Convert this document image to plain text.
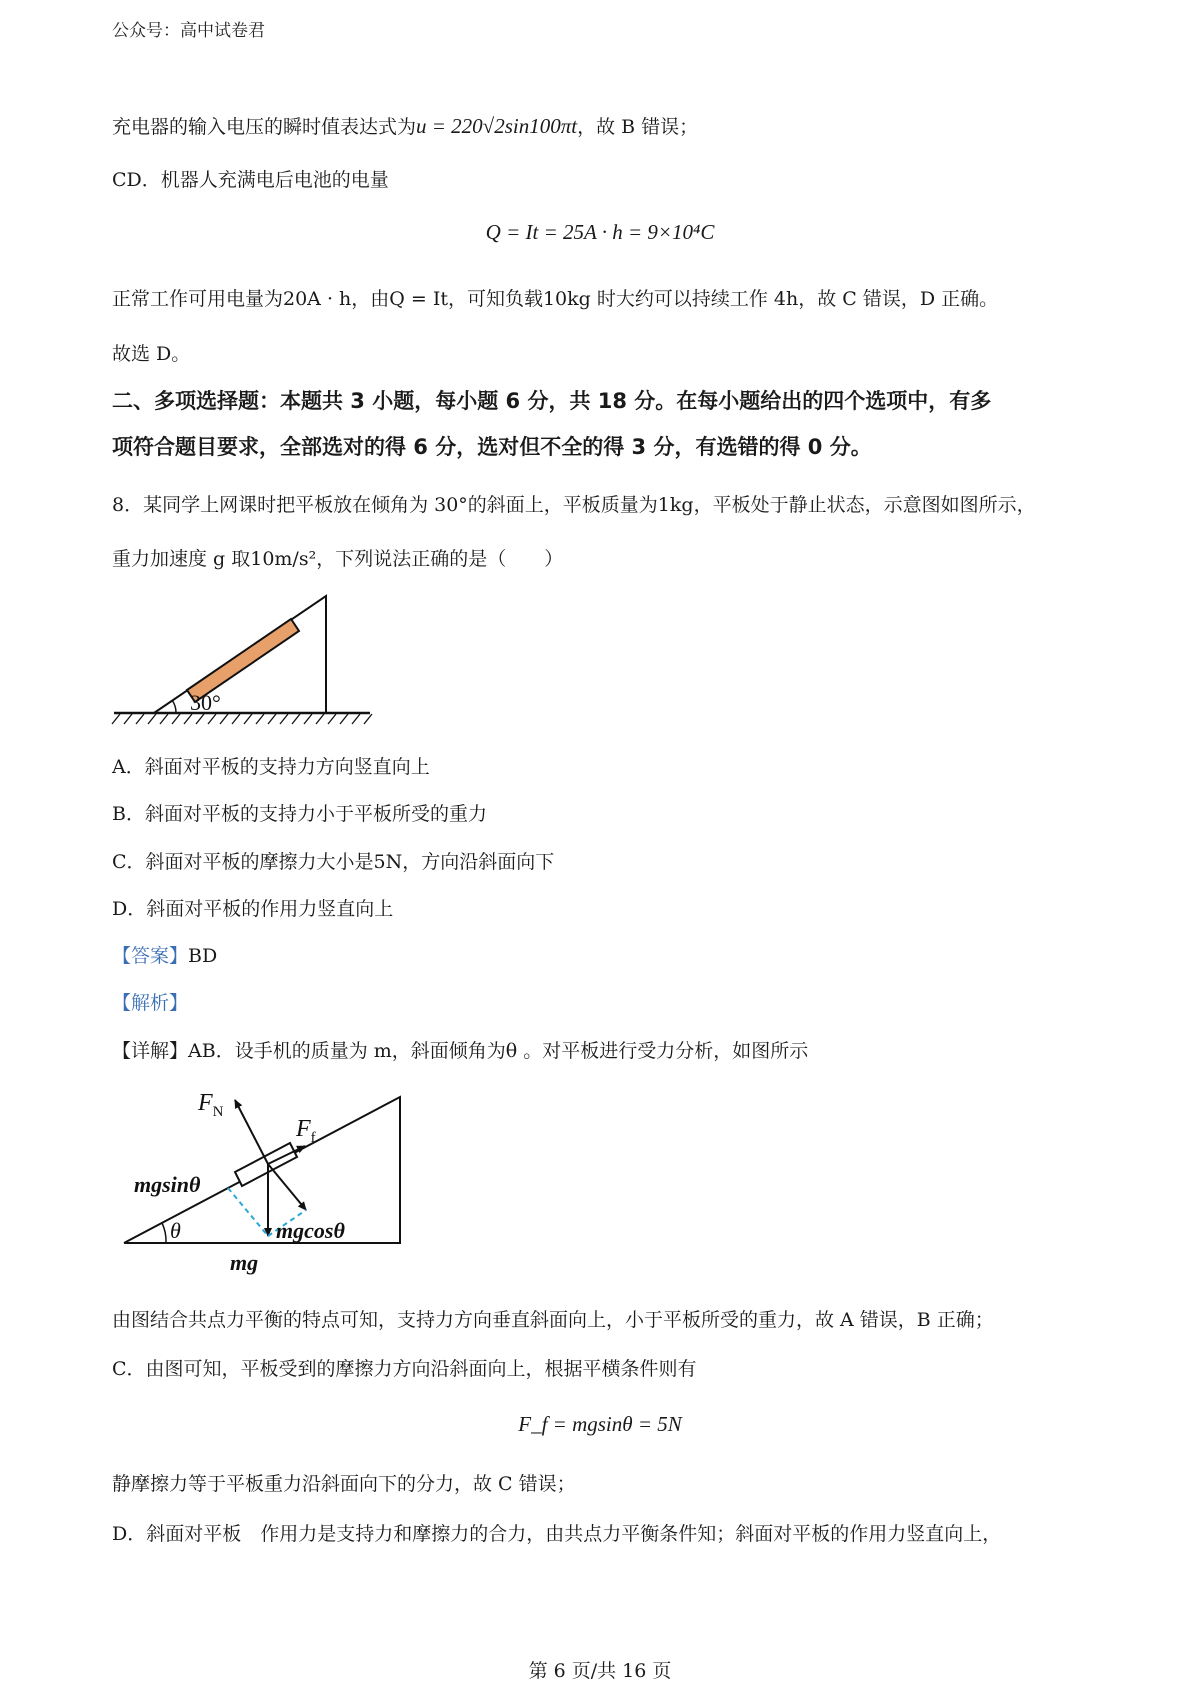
公众号：高中试卷君
充电器的输入电压的瞬时值表达式为u = 220√2sin100πt，故 B 错误；
CD．机器人充满电后电池的电量
Q = It = 25A · h = 9×10⁴C
正常工作可用电量为20A · h，由Q = It，可知负载10kg 时大约可以持续工作 4h，故 C 错误，D 正确。
故选 D。
二、多项选择题：本题共 3 小题，每小题 6 分，共 18 分。在每小题给出的四个选项中，有多
项符合题目要求，全部选对的得 6 分，选对但不全的得 3 分，有选错的得 0 分。
8．某同学上网课时把平板放在倾角为 30°的斜面上，平板质量为1kg，平板处于静止状态，示意图如图所示，
重力加速度 g 取10m/s²，下列说法正确的是（　　）
30°
A．斜面对平板的支持力方向竖直向上
B．斜面对平板的支持力小于平板所受的重力
C．斜面对平板的摩擦力大小是5N，方向沿斜面向下
D．斜面对平板的作用力竖直向上
【答案】BD
【解析】
【详解】AB．设手机的质量为 m，斜面倾角为θ 。对平板进行受力分析，如图所示
$F_N$
$F_f$
mgsinθ
mgcosθ
θ
mg
由图结合共点力平衡的特点可知，支持力方向垂直斜面向上，小于平板所受的重力，故 A 错误，B 正确；
C．由图可知，平板受到的摩擦力方向沿斜面向上，根据平横条件则有
F_f = mgsinθ = 5N
静摩擦力等于平板重力沿斜面向下的分力，故 C 错误；
D．斜面对平板　作用力是支持力和摩擦力的合力，由共点力平衡条件知；斜面对平板的作用力竖直向上，
第 6 页/共 16 页
